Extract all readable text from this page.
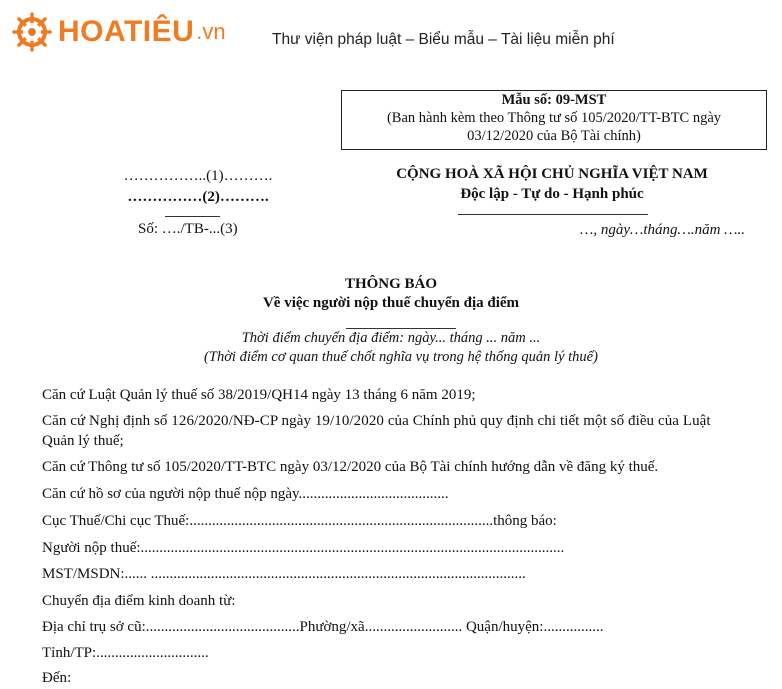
HOATIÊU .vn	Thư viện pháp luật – Biểu mẫu – Tài liệu miễn phí
Mẫu số: 09-MST
(Ban hành kèm theo Thông tư số 105/2020/TT-BTC ngày
03/12/2020 của Bộ Tài chính)
……………..(1)……….
……………(2)……….
Số: …./TB-...(3)
CỘNG HOÀ XÃ HỘI CHỦ NGHĨA VIỆT NAM
Độc lập - Tự do - Hạnh phúc
…, ngày…tháng….năm …..
THÔNG BÁO
Về việc người nộp thuế chuyển địa điểm
Thời điểm chuyển địa điểm: ngày... tháng ... năm ...
(Thời điểm cơ quan thuế chốt nghĩa vụ trong hệ thống quản lý thuế)
Căn cứ Luật Quản lý thuế số 38/2019/QH14 ngày 13 tháng 6 năm 2019;
Căn cứ Nghị định số 126/2020/NĐ-CP ngày 19/10/2020 của Chính phủ quy định chi tiết một số điều của Luật
Quản lý thuế;
Căn cứ Thông tư số 105/2020/TT-BTC ngày 03/12/2020 của Bộ Tài chính hướng dẫn về đăng ký thuế.
Căn cứ hồ sơ của người nộp thuế nộp ngày........................................
Cục Thuế/Chi cục Thuế:.................................................................................thông báo:
Người nộp thuế:.................................................................................................................
MST/MSDN:...... ....................................................................................................
Chuyển địa điểm kinh doanh từ:
Địa chỉ trụ sở cũ:.........................................Phường/xã.......................... Quận/huyện:................
Tỉnh/TP:..............................
Đến:
